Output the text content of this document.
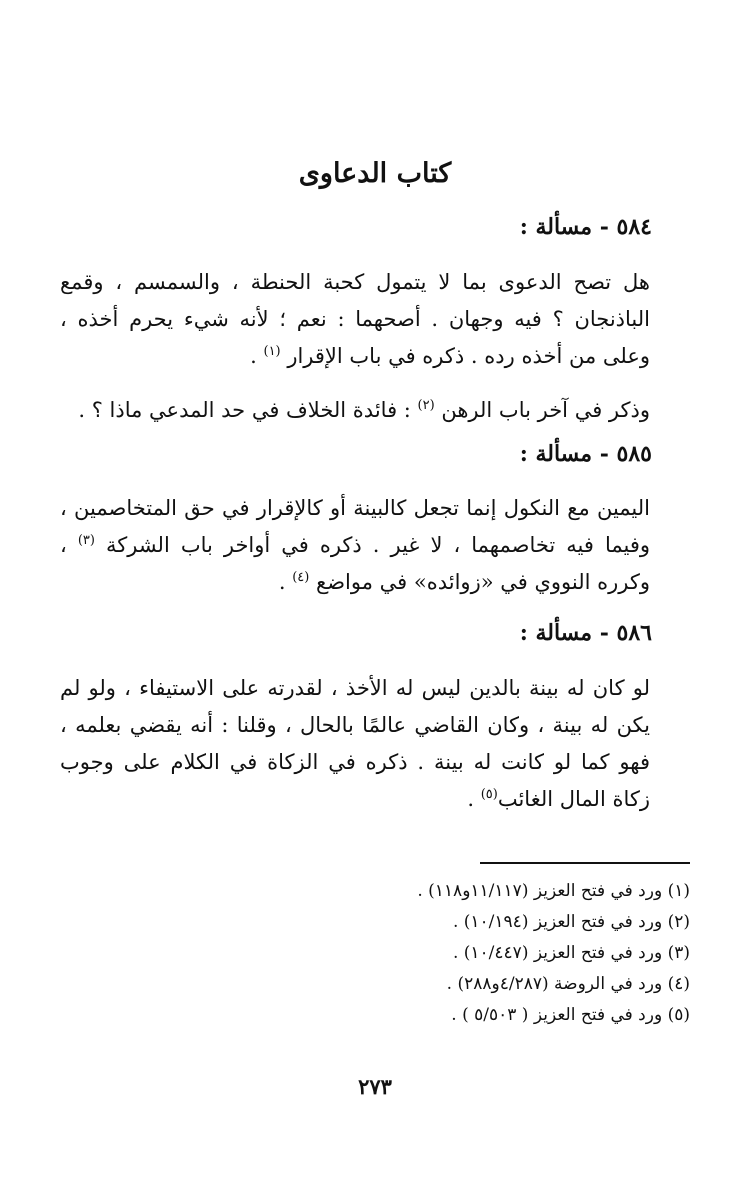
كتاب الدعاوى
٥٨٤ - مسألة :
هل تصح الدعوى بما لا يتمول كحبة الحنطة ، والسمسم ، وقمع الباذنجان ؟ فيه وجهان . أصحهما : نعم ؛ لأنه شيء يحرم أخذه ، وعلى من أخذه رده . ذكره في باب الإقرار $^{(١)}$ .
وذكر في آخر باب الرهن $^{(٢)}$ : فائدة الخلاف في حد المدعي ماذا ؟ .
٥٨٥ - مسألة :
اليمين مع النكول إنما تجعل كالبينة أو كالإقرار في حق المتخاصمين ، وفيما فيه تخاصمهما ، لا غير . ذكره في أواخر باب الشركة $^{(٣)}$ ، وكرره النووي في «زوائده» في مواضع $^{(٤)}$ .
٥٨٦ - مسألة :
لو كان له بينة بالدين ليس له الأخذ ، لقدرته على الاستيفاء ، ولو لم يكن له بينة ، وكان القاضي عالمًا بالحال ، وقلنا : أنه يقضي بعلمه ، فهو كما لو كانت له بينة . ذكره في الزكاة في الكلام على وجوب زكاة المال الغائب$^{(٥)}$ .
(١) ورد في فتح العزيز (١١/١١٧و١١٨) .
(٢) ورد في فتح العزيز (١٠/١٩٤) .
(٣) ورد في فتح العزيز (١٠/٤٤٧) .
(٤) ورد في الروضة (٤/٢٨٧و٢٨٨) .
(٥) ورد في فتح العزيز ( ٥/٥٠٣ ) .
٢٧٣
